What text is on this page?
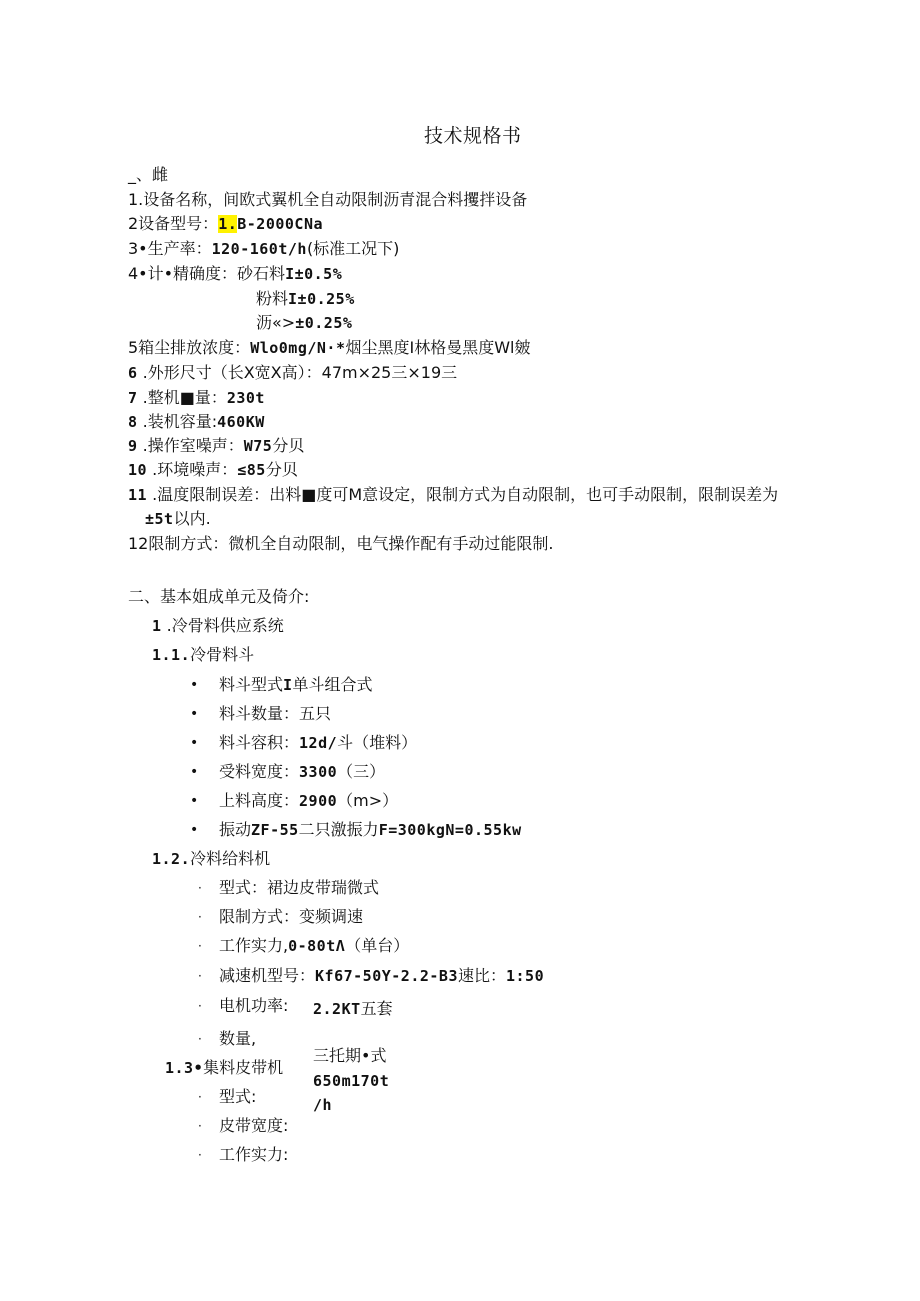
技术规格书
_、雌
1.设备名称，间欧式翼机全自动限制沥青混合料攫拌设备
2设备型号：1.B-2000CNa
3•生产率：120-160t/h(标准工况下)
4•计•精确度：砂石料I±0.5%
粉料I±0.25%
沥«>±0.25%
5箱尘排放浓度：Wlo0mg∕N·*烟尘黑度I林格曼黑度Wl皴
6 .外形尺寸（长X宽X高）：47m×25三×19三
7 .整机■量：230t
8 .装机容量:460KW
9 .操作室噪声：W75分贝
10 .环境噪声：≤85分贝
11 .温度限制误差：出料■度可M意设定，限制方式为自动限制，也可手动限制，限制误差为
±5t以内.
12限制方式：微机全自动限制，电气操作配有手动过能限制.
二、基本姐成单元及倚介:
1 .冷骨料供应系统
1.1.冷骨料斗
• 料斗型式I单斗组合式
• 料斗数量：五只
• 料斗容积：12d/斗（堆料）
• 受料宽度：3300（三）
• 上料高度：2900（m>）
• 振动ZF-55二只激振力F=300kgN=0.55kw
1.2.冷料给料机
· 型式：裙边皮带瑞微式
· 限制方式：变频调速
· 工作实力,0-80tΛ（单台）
· 减速机型号：Kf67-50Y-2.2-B3速比：1:50
· 电机功率: 2.2KT五套
· 数量,
1.3•集料皮带机
三托期•式
650m170t
∕h
· 型式:
· 皮带宽度:
· 工作实力:
